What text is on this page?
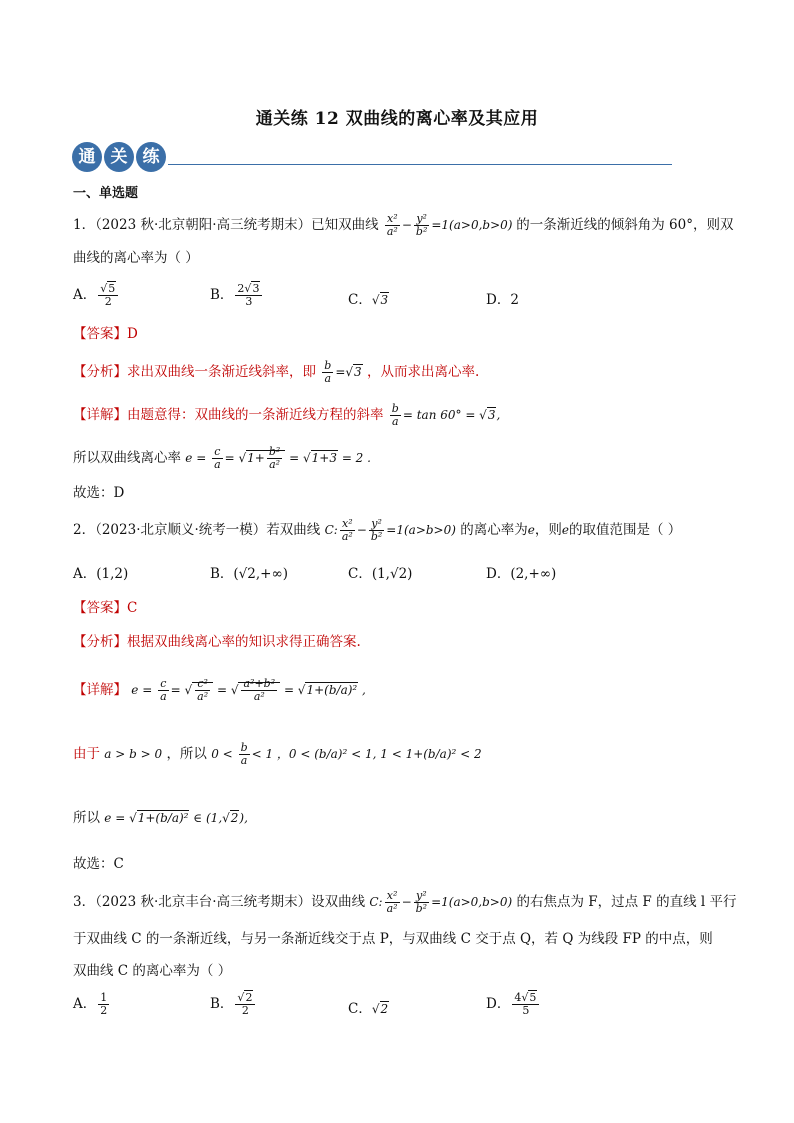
通关练 12 双曲线的离心率及其应用
通 关 练
一、单选题
1．（2023 秋·北京朝阳·高三统考期末）已知双曲线 $\frac{\text{x²}}{\text{a²}} - \frac{\text{y²}}{\text{b²}} =1(a>0,b>0)$ 的一条渐近线的倾斜角为 60°，则双
曲线的离心率为（ ）
A． $\frac{√5}{2}$	B． $\frac{2√3}{3}$	C．√3	D．2
【答案】D
【分析】求出双曲线一条渐近线斜率，即 $\frac{b}{a} =√3$ ，从而求出离心率.
【详解】由题意得：双曲线的一条渐近线方程的斜率 $\frac{b}{a} = \tan 60^\circ = √3$,
所以双曲线离心率 $e = \frac{c}{a} = √1+ \frac{\text{b²}}{\text{a²}} = √1+3 = 2$ .
故选：D
2．（2023·北京顺义·统考一模）若双曲线 C: $\frac{\text{x²}}{\text{a²}} - \frac{\text{y²}}{\text{b²}} =1(a>b>0)$ 的离心率为e，则e的取值范围是（ ）
A．(1,2)	B．(√2,+∞)	C．(1,√2)	D．(2,+∞)
【答案】C
【分析】根据双曲线离心率的知识求得正确答案.
【详解】 $e = \frac{c}{a}$ = √ $\frac{\text{c²}}{\text{a²}}$ = √ $\frac{\text{a²+b²}}{\text{a²}} = √1+(b/a)^2$ ,
由于 a > b > 0 ，所以 $0 < \frac{b}{a} < 1$ ，0 < (b/a)² < 1, 1 < 1+(b/a)² < 2
所以 e = √1+(b/a)² ∈ (1,√2),
故选：C
3．（2023 秋·北京丰台·高三统考期末）设双曲线 C: $\frac{\text{x²}}{\text{a²}} - \frac{\text{y²}}{\text{b²}} =1(a>0,b>0)$ 的右焦点为 F，过点 F 的直线 l 平行
于双曲线 C 的一条渐近线，与另一条渐近线交于点 P，与双曲线 C 交于点 Q，若 Q 为线段 FP 的中点，则
双曲线 C 的离心率为（ ）
A． $\frac{1}{2}$	B． $\frac{√2}{2}$	C．√2	D． $\frac{4√5}{5}$
